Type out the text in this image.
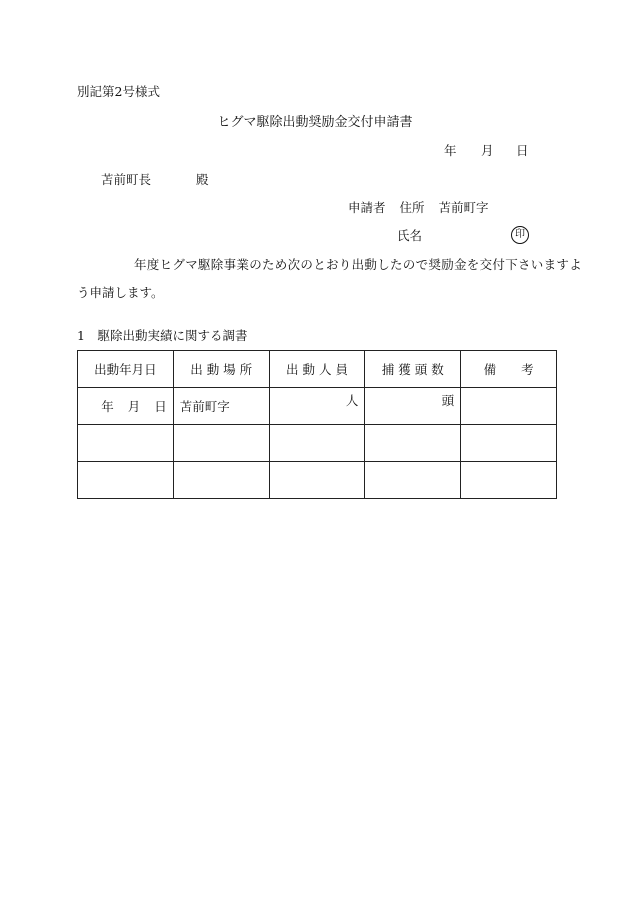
別記第2号様式
ヒグマ駆除出動奨励金交付申請書
年 月 日
苫前町長	殿
申請者 住所 苫前町字
氏名	印
年度ヒグマ駆除事業のため次のとおり出動したので奨励金を交付下さいますよ
う申請します。
1　駆除出動実績に関する調書
出動年月日	出 動 場 所	出 動 人 員	捕 獲 頭 数	備　　考
年 月 日	苫前町字	人	頭	
